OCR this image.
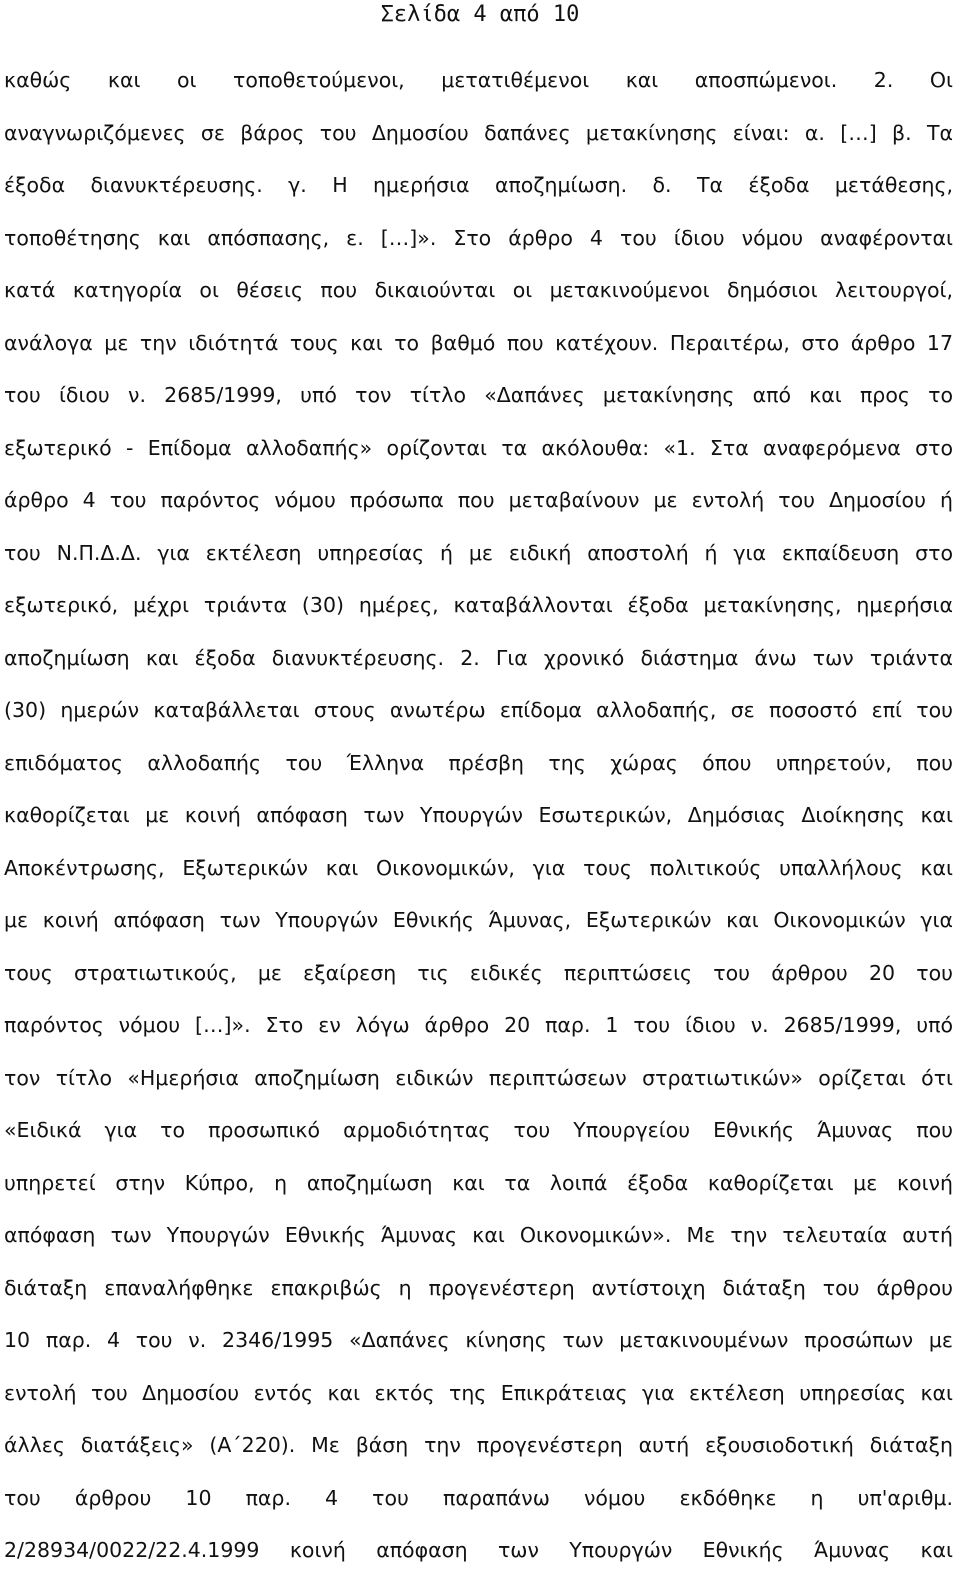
Σελίδα 4 από 10
καθώς και οι τοποθετούμενοι, μετατιθέμενοι και αποσπώμενοι. 2. Οι
αναγνωριζόμενες σε βάρος του Δημοσίου δαπάνες μετακίνησης είναι: α. […] β. Τα
έξοδα διανυκτέρευσης. γ. Η ημερήσια αποζημίωση. δ. Τα έξοδα μετάθεσης,
τοποθέτησης και απόσπασης, ε. […]». Στο άρθρο 4 του ίδιου νόμου αναφέρονται
κατά κατηγορία οι θέσεις που δικαιούνται οι μετακινούμενοι δημόσιοι λειτουργοί,
ανάλογα με την ιδιότητά τους και το βαθμό που κατέχουν. Περαιτέρω, στο άρθρο 17
του ίδιου ν. 2685/1999, υπό τον τίτλο «Δαπάνες μετακίνησης από και προς το
εξωτερικό - Επίδομα αλλοδαπής» ορίζονται τα ακόλουθα: «1. Στα αναφερόμενα στο
άρθρο 4 του παρόντος νόμου πρόσωπα που μεταβαίνουν με εντολή του Δημοσίου ή
του Ν.Π.Δ.Δ. για εκτέλεση υπηρεσίας ή με ειδική αποστολή ή για εκπαίδευση στο
εξωτερικό, μέχρι τριάντα (30) ημέρες, καταβάλλονται έξοδα μετακίνησης, ημερήσια
αποζημίωση και έξοδα διανυκτέρευσης. 2. Για χρονικό διάστημα άνω των τριάντα
(30) ημερών καταβάλλεται στους ανωτέρω επίδομα αλλοδαπής, σε ποσοστό επί του
επιδόματος αλλοδαπής του Έλληνα πρέσβη της χώρας όπου υπηρετούν, που
καθορίζεται με κοινή απόφαση των Υπουργών Εσωτερικών, Δημόσιας Διοίκησης και
Αποκέντρωσης, Εξωτερικών και Οικονομικών, για τους πολιτικούς υπαλλήλους και
με κοινή απόφαση των Υπουργών Εθνικής Άμυνας, Εξωτερικών και Οικονομικών για
τους στρατιωτικούς, με εξαίρεση τις ειδικές περιπτώσεις του άρθρου 20 του
παρόντος νόμου […]». Στο εν λόγω άρθρο 20 παρ. 1 του ίδιου ν. 2685/1999, υπό
τον τίτλο «Ημερήσια αποζημίωση ειδικών περιπτώσεων στρατιωτικών» ορίζεται ότι
«Ειδικά για το προσωπικό αρμοδιότητας του Υπουργείου Εθνικής Άμυνας που
υπηρετεί στην Κύπρο, η αποζημίωση και τα λοιπά έξοδα καθορίζεται με κοινή
απόφαση των Υπουργών Εθνικής Άμυνας και Οικονομικών». Με την τελευταία αυτή
διάταξη επαναλήφθηκε επακριβώς η προγενέστερη αντίστοιχη διάταξη του άρθρου
10 παρ. 4 του ν. 2346/1995 «Δαπάνες κίνησης των μετακινουμένων προσώπων με
εντολή του Δημοσίου εντός και εκτός της Επικράτειας για εκτέλεση υπηρεσίας και
άλλες διατάξεις» (Α΄220). Με βάση την προγενέστερη αυτή εξουσιοδοτική διάταξη
του άρθρου 10 παρ. 4 του παραπάνω νόμου εκδόθηκε η υπ'αριθμ.
2/28934/0022/22.4.1999 κοινή απόφαση των Υπουργών Εθνικής Άμυνας και
